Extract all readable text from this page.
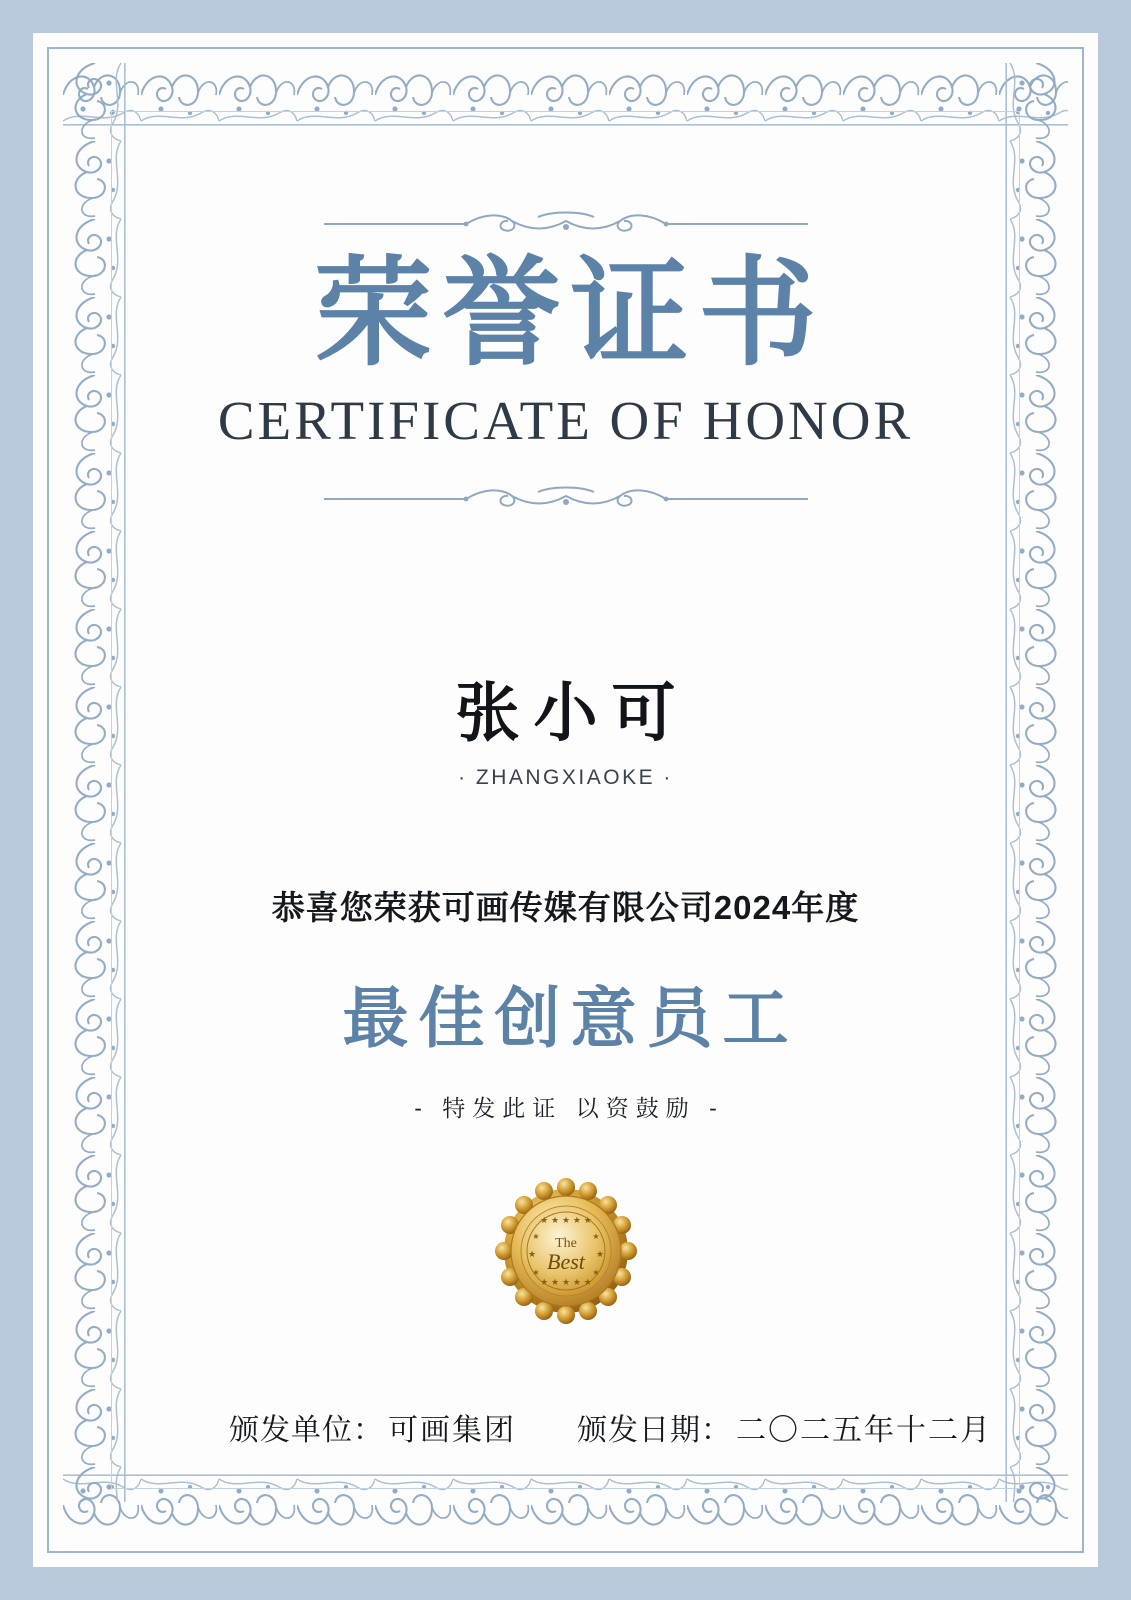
荣誉证书
CERTIFICATE OF HONOR
张小可
· ZHANGXIAOKE ·
恭喜您荣获可画传媒有限公司2024年度
最佳创意员工
- 特发此证 以资鼓励 -
★ ★ ★ ★ ★
★ ★ ★ ★ ★
★	★
★	★
★	★
The
Best
颁发单位： 可画集团 颁发日期： 二〇二五年十二月
